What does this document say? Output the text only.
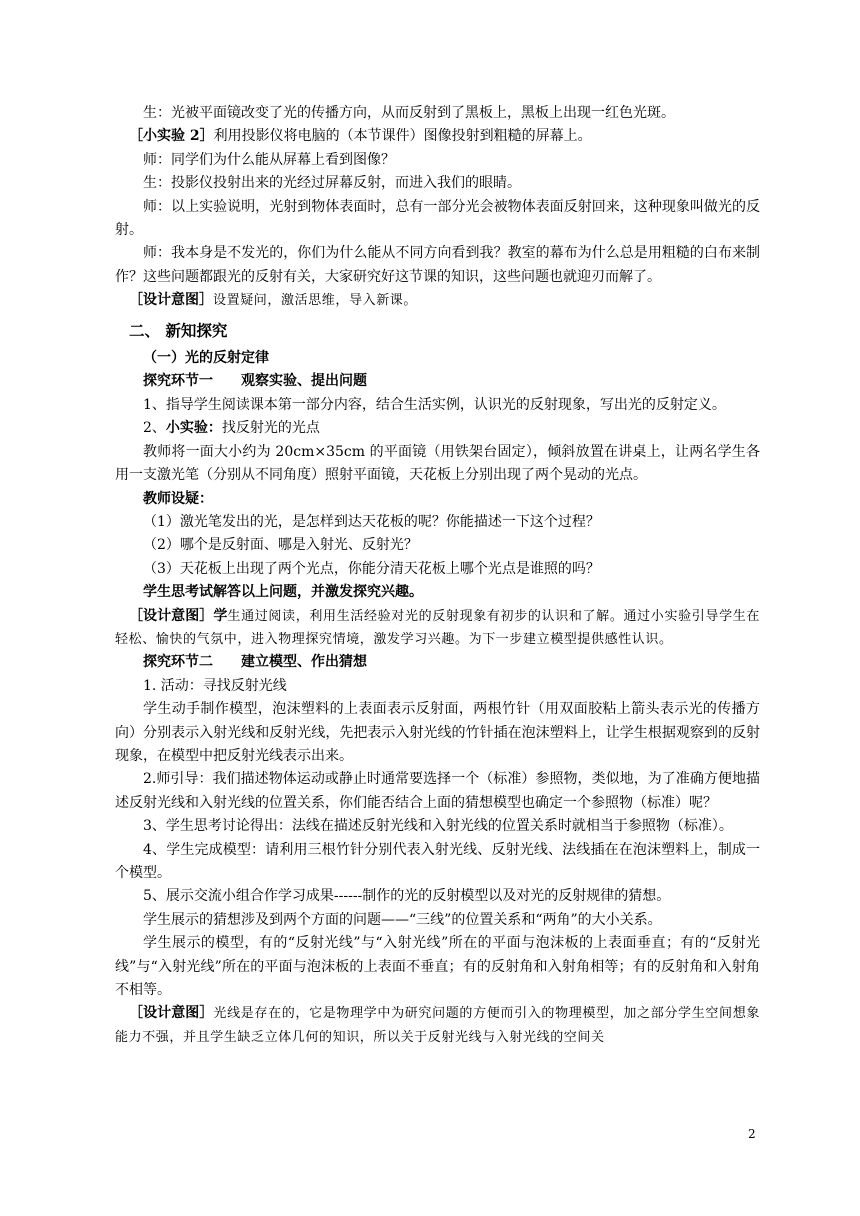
生：光被平面镜改变了光的传播方向，从而反射到了黑板上，黑板上出现一红色光斑。

［小实验 2］利用投影仪将电脑的（本节课件）图像投射到粗糙的屏幕上。

师：同学们为什么能从屏幕上看到图像？

生：投影仪投射出来的光经过屏幕反射，而进入我们的眼睛。

师：以上实验说明，光射到物体表面时，总有一部分光会被物体表面反射回来，这种现象叫做光的反射。

师：我本身是不发光的，你们为什么能从不同方向看到我？教室的幕布为什么总是用粗糙的白布来制作？这些问题都跟光的反射有关，大家研究好这节课的知识，这些问题也就迎刃而解了。

［设计意图］设置疑问，激活思维，导入新课。

二、 新知探究

（一）光的反射定律

探究环节一 观察实验、提出问题

1、指导学生阅读课本第一部分内容，结合生活实例，认识光的反射现象，写出光的反射定义。

2、小实验：找反射光的光点

教师将一面大小约为 20cm×35cm 的平面镜（用铁架台固定），倾斜放置在讲桌上，让两名学生各用一支激光笔（分别从不同角度）照射平面镜，天花板上分别出现了两个晃动的光点。

教师设疑：

（1）激光笔发出的光，是怎样到达天花板的呢？你能描述一下这个过程？

（2）哪个是反射面、哪是入射光、反射光？

（3）天花板上出现了两个光点，你能分清天花板上哪个光点是谁照的吗？

学生思考试解答以上问题，并激发探究兴趣。

［设计意图］学生通过阅读，利用生活经验对光的反射现象有初步的认识和了解。通过小实验引导学生在轻松、愉快的气氛中，进入物理探究情境，激发学习兴趣。为下一步建立模型提供感性认识。

探究环节二 建立模型、作出猜想

1. 活动：寻找反射光线

学生动手制作模型，泡沫塑料的上表面表示反射面，两根竹针（用双面胶粘上箭头表示光的传播方向）分别表示入射光线和反射光线，先把表示入射光线的竹针插在泡沫塑料上，让学生根据观察到的反射现象，在模型中把反射光线表示出来。

2.师引导：我们描述物体运动或静止时通常要选择一个（标准）参照物，类似地，为了准确方便地描述反射光线和入射光线的位置关系，你们能否结合上面的猜想模型也确定一个参照物（标准）呢？

3、学生思考讨论得出：法线在描述反射光线和入射光线的位置关系时就相当于参照物（标准）。

4、学生完成模型：请利用三根竹针分别代表入射光线、反射光线、法线插在在泡沫塑料上，制成一个模型。

5、展示交流小组合作学习成果------制作的光的反射模型以及对光的反射规律的猜想。

学生展示的猜想涉及到两个方面的问题——“三线”的位置关系和“两角”的大小关系。

学生展示的模型，有的“反射光线”与“入射光线”所在的平面与泡沫板的上表面垂直；有的“反射光线”与“入射光线”所在的平面与泡沫板的上表面不垂直；有的反射角和入射角相等；有的反射角和入射角不相等。

［设计意图］光线是存在的，它是物理学中为研究问题的方便而引入的物理模型，加之部分学生空间想象能力不强，并且学生缺乏立体几何的知识，所以关于反射光线与入射光线的空间关

2
